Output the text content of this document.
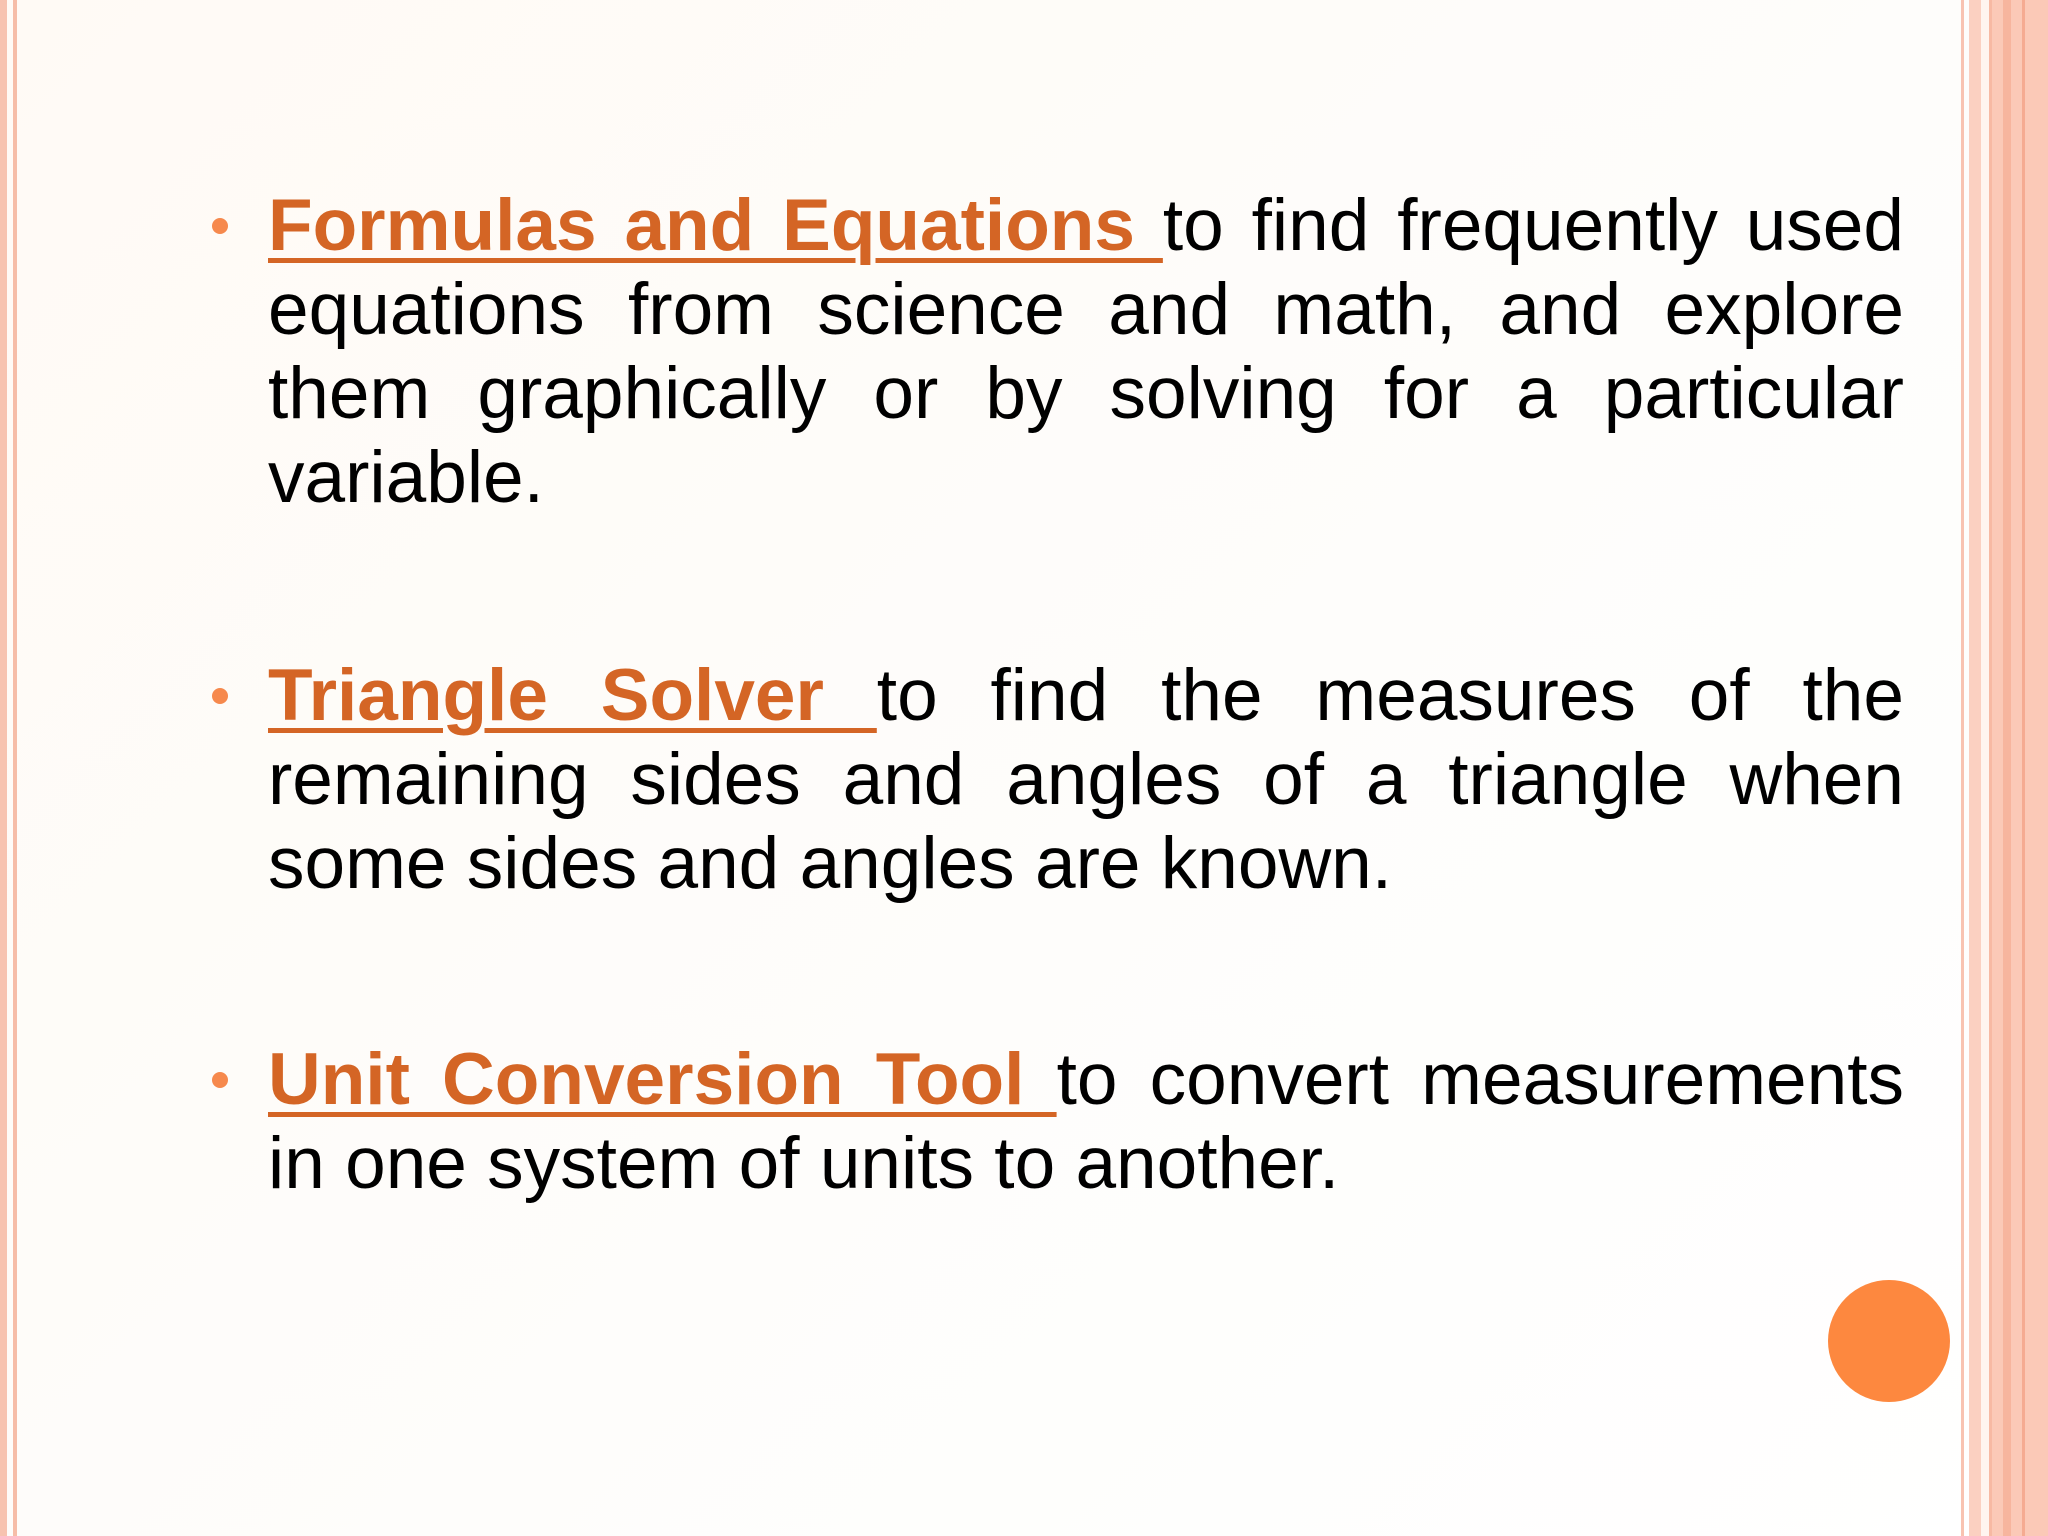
Formulas and Equations to find frequently used equations from science and math, and explore them graphically or by solving for a particular variable.

Triangle Solver to find the measures of the remaining sides and angles of a triangle when some sides and angles are known.

Unit Conversion Tool to convert measurements in one system of units to another.
